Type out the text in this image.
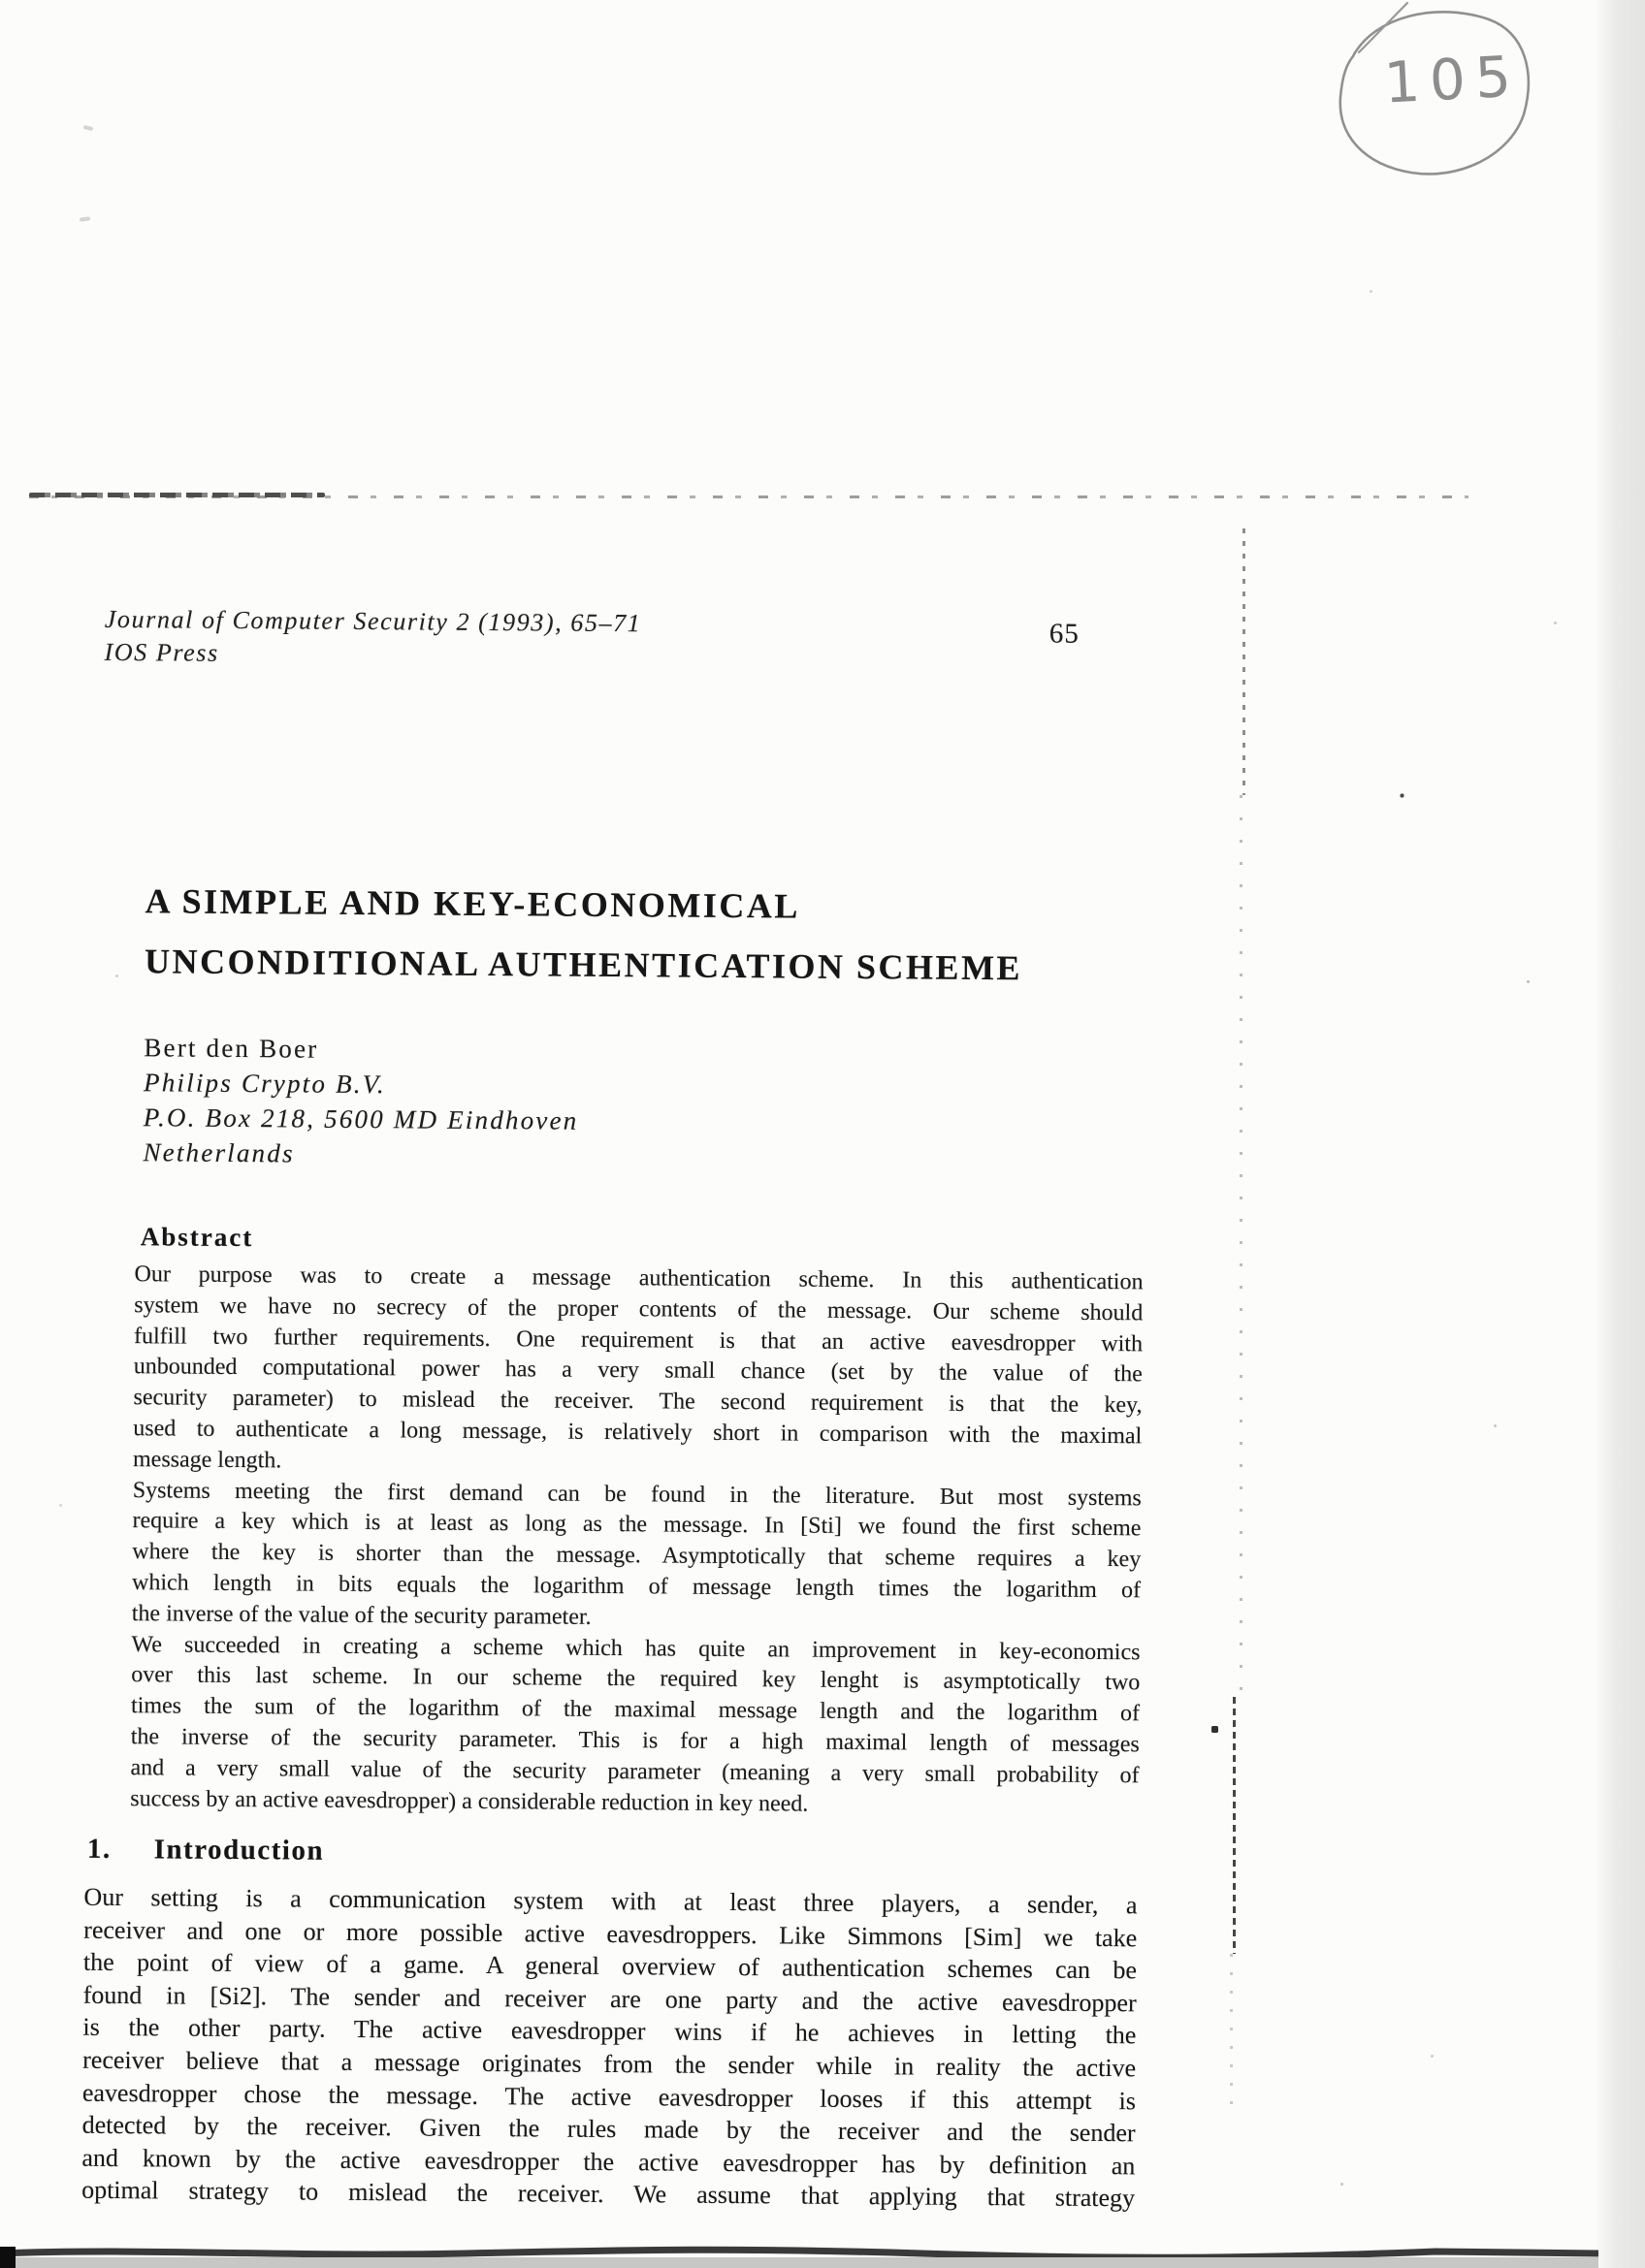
105
Journal of Computer Security 2 (1993), 65–71
IOS Press
65
A SIMPLE AND KEY-ECONOMICAL
UNCONDITIONAL AUTHENTICATION SCHEME
Bert den Boer
Philips Crypto B.V.
P.O. Box 218, 5600 MD Eindhoven
Netherlands
Abstract
Our purpose was to create a message authentication scheme. In this authentication
system we have no secrecy of the proper contents of the message. Our scheme should
fulfill two further requirements. One requirement is that an active eavesdropper with
unbounded computational power has a very small chance (set by the value of the
security parameter) to mislead the receiver. The second requirement is that the key,
used to authenticate a long message, is relatively short in comparison with the maximal
message length.
Systems meeting the first demand can be found in the literature. But most systems
require a key which is at least as long as the message. In [Sti] we found the first scheme
where the key is shorter than the message. Asymptotically that scheme requires a key
which length in bits equals the logarithm of message length times the logarithm of
the inverse of the value of the security parameter.
We succeeded in creating a scheme which has quite an improvement in key-economics
over this last scheme. In our scheme the required key lenght is asymptotically two
times the sum of the logarithm of the maximal message length and the logarithm of
the inverse of the security parameter. This is for a high maximal length of messages
and a very small value of the security parameter (meaning a very small probability of
success by an active eavesdropper) a considerable reduction in key need.
1. Introduction
Our setting is a communication system with at least three players, a sender, a
receiver and one or more possible active eavesdroppers. Like Simmons [Sim] we take
the point of view of a game. A general overview of authentication schemes can be
found in [Si2]. The sender and receiver are one party and the active eavesdropper
is the other party. The active eavesdropper wins if he achieves in letting the
receiver believe that a message originates from the sender while in reality the active
eavesdropper chose the message. The active eavesdropper looses if this attempt is
detected by the receiver. Given the rules made by the receiver and the sender
and known by the active eavesdropper the active eavesdropper has by definition an
optimal strategy to mislead the receiver. We assume that applying that strategy
